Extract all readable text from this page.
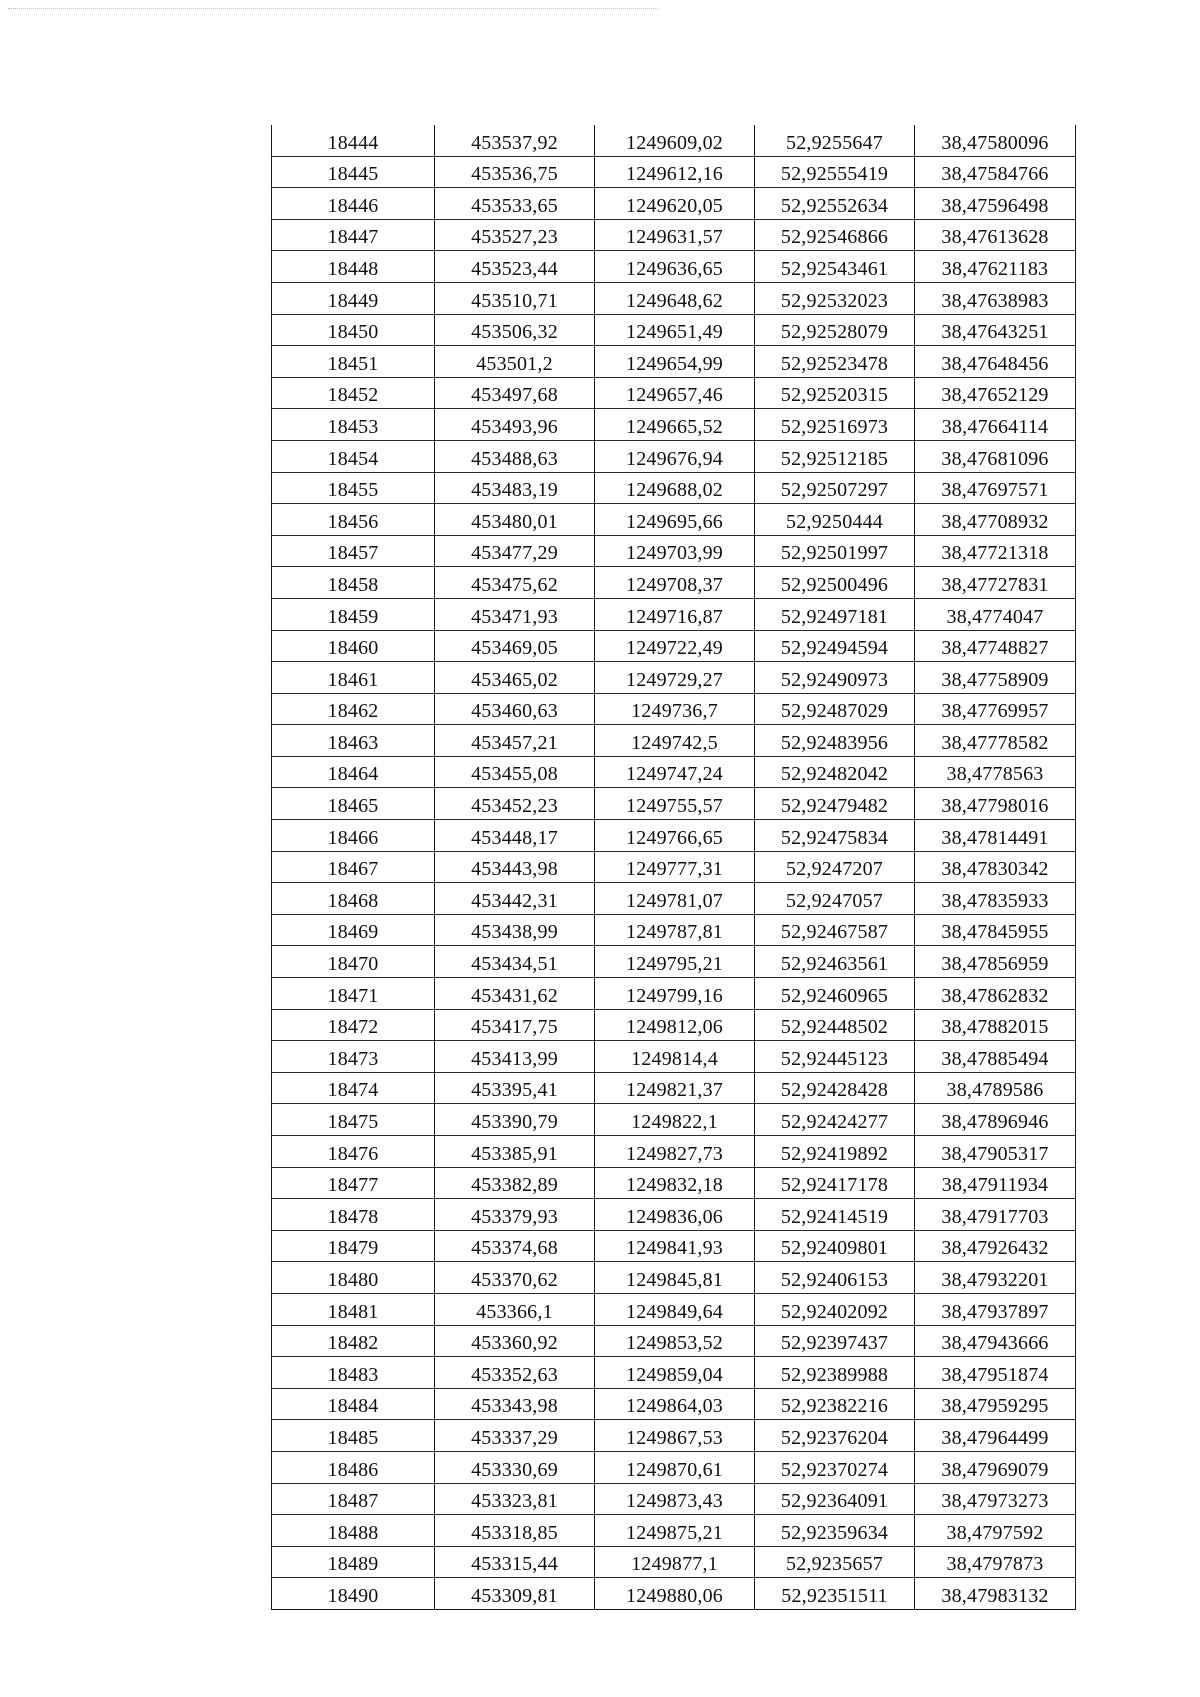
18444	453537,92	1249609,02	52,9255647	38,47580096
18445	453536,75	1249612,16	52,92555419	38,47584766
18446	453533,65	1249620,05	52,92552634	38,47596498
18447	453527,23	1249631,57	52,92546866	38,47613628
18448	453523,44	1249636,65	52,92543461	38,47621183
18449	453510,71	1249648,62	52,92532023	38,47638983
18450	453506,32	1249651,49	52,92528079	38,47643251
18451	453501,2	1249654,99	52,92523478	38,47648456
18452	453497,68	1249657,46	52,92520315	38,47652129
18453	453493,96	1249665,52	52,92516973	38,47664114
18454	453488,63	1249676,94	52,92512185	38,47681096
18455	453483,19	1249688,02	52,92507297	38,47697571
18456	453480,01	1249695,66	52,9250444	38,47708932
18457	453477,29	1249703,99	52,92501997	38,47721318
18458	453475,62	1249708,37	52,92500496	38,47727831
18459	453471,93	1249716,87	52,92497181	38,4774047
18460	453469,05	1249722,49	52,92494594	38,47748827
18461	453465,02	1249729,27	52,92490973	38,47758909
18462	453460,63	1249736,7	52,92487029	38,47769957
18463	453457,21	1249742,5	52,92483956	38,47778582
18464	453455,08	1249747,24	52,92482042	38,4778563
18465	453452,23	1249755,57	52,92479482	38,47798016
18466	453448,17	1249766,65	52,92475834	38,47814491
18467	453443,98	1249777,31	52,9247207	38,47830342
18468	453442,31	1249781,07	52,9247057	38,47835933
18469	453438,99	1249787,81	52,92467587	38,47845955
18470	453434,51	1249795,21	52,92463561	38,47856959
18471	453431,62	1249799,16	52,92460965	38,47862832
18472	453417,75	1249812,06	52,92448502	38,47882015
18473	453413,99	1249814,4	52,92445123	38,47885494
18474	453395,41	1249821,37	52,92428428	38,4789586
18475	453390,79	1249822,1	52,92424277	38,47896946
18476	453385,91	1249827,73	52,92419892	38,47905317
18477	453382,89	1249832,18	52,92417178	38,47911934
18478	453379,93	1249836,06	52,92414519	38,47917703
18479	453374,68	1249841,93	52,92409801	38,47926432
18480	453370,62	1249845,81	52,92406153	38,47932201
18481	453366,1	1249849,64	52,92402092	38,47937897
18482	453360,92	1249853,52	52,92397437	38,47943666
18483	453352,63	1249859,04	52,92389988	38,47951874
18484	453343,98	1249864,03	52,92382216	38,47959295
18485	453337,29	1249867,53	52,92376204	38,47964499
18486	453330,69	1249870,61	52,92370274	38,47969079
18487	453323,81	1249873,43	52,92364091	38,47973273
18488	453318,85	1249875,21	52,92359634	38,4797592
18489	453315,44	1249877,1	52,9235657	38,4797873
18490	453309,81	1249880,06	52,92351511	38,47983132
